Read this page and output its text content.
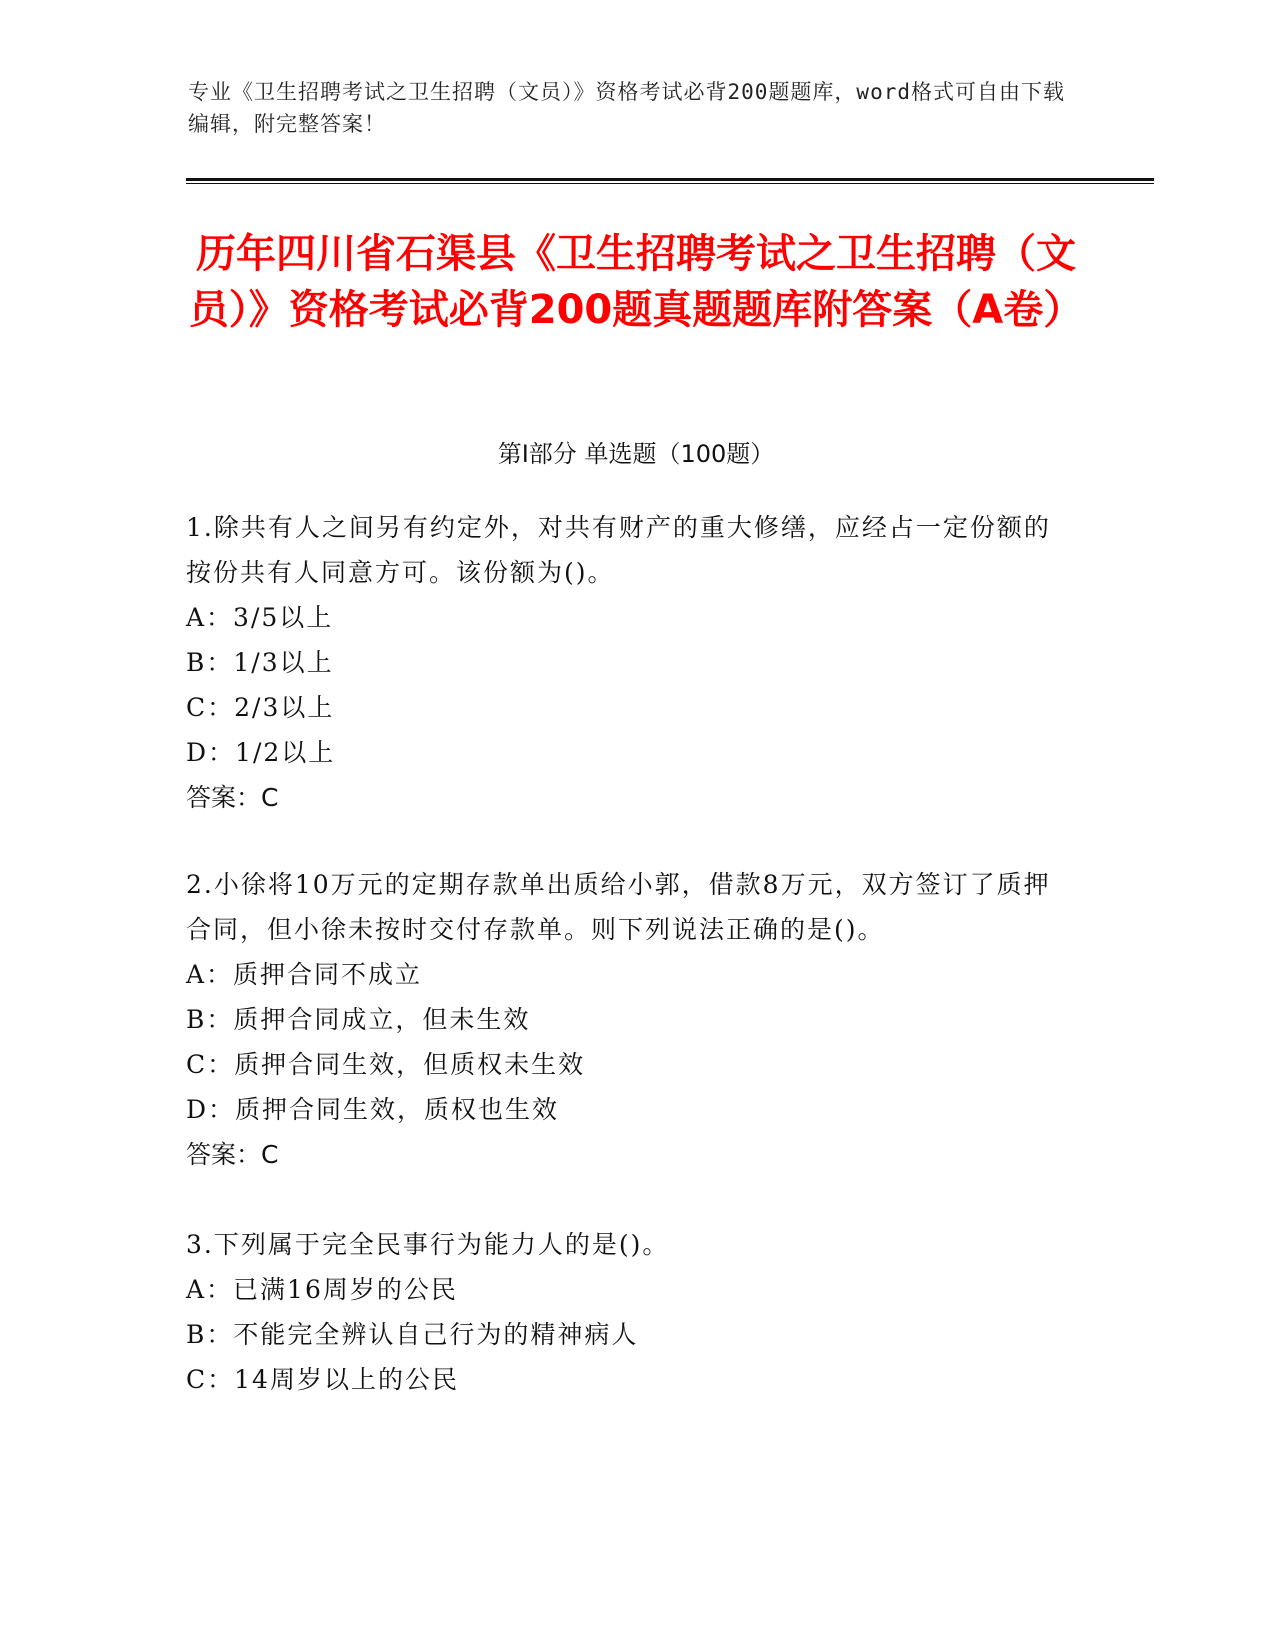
专业《卫生招聘考试之卫生招聘（文员）》资格考试必背200题题库，word格式可自由下载编辑，附完整答案！
历年四川省石渠县《卫生招聘考试之卫生招聘（文员）》资格考试必背200题真题题库附答案（A卷）
第I部分 单选题（100题）

1.除共有人之间另有约定外，对共有财产的重大修缮，应经占一定份额的按份共有人同意方可。该份额为()。

A：3/5以上

B：1/3以上

C：2/3以上

D：1/2以上

答案：C

2.小徐将10万元的定期存款单出质给小郭，借款8万元，双方签订了质押合同，但小徐未按时交付存款单。则下列说法正确的是()。

A：质押合同不成立

B：质押合同成立，但未生效

C：质押合同生效，但质权未生效

D：质押合同生效，质权也生效

答案：C

3.下列属于完全民事行为能力人的是()。

A：已满16周岁的公民

B：不能完全辨认自己行为的精神病人

C：14周岁以上的公民
